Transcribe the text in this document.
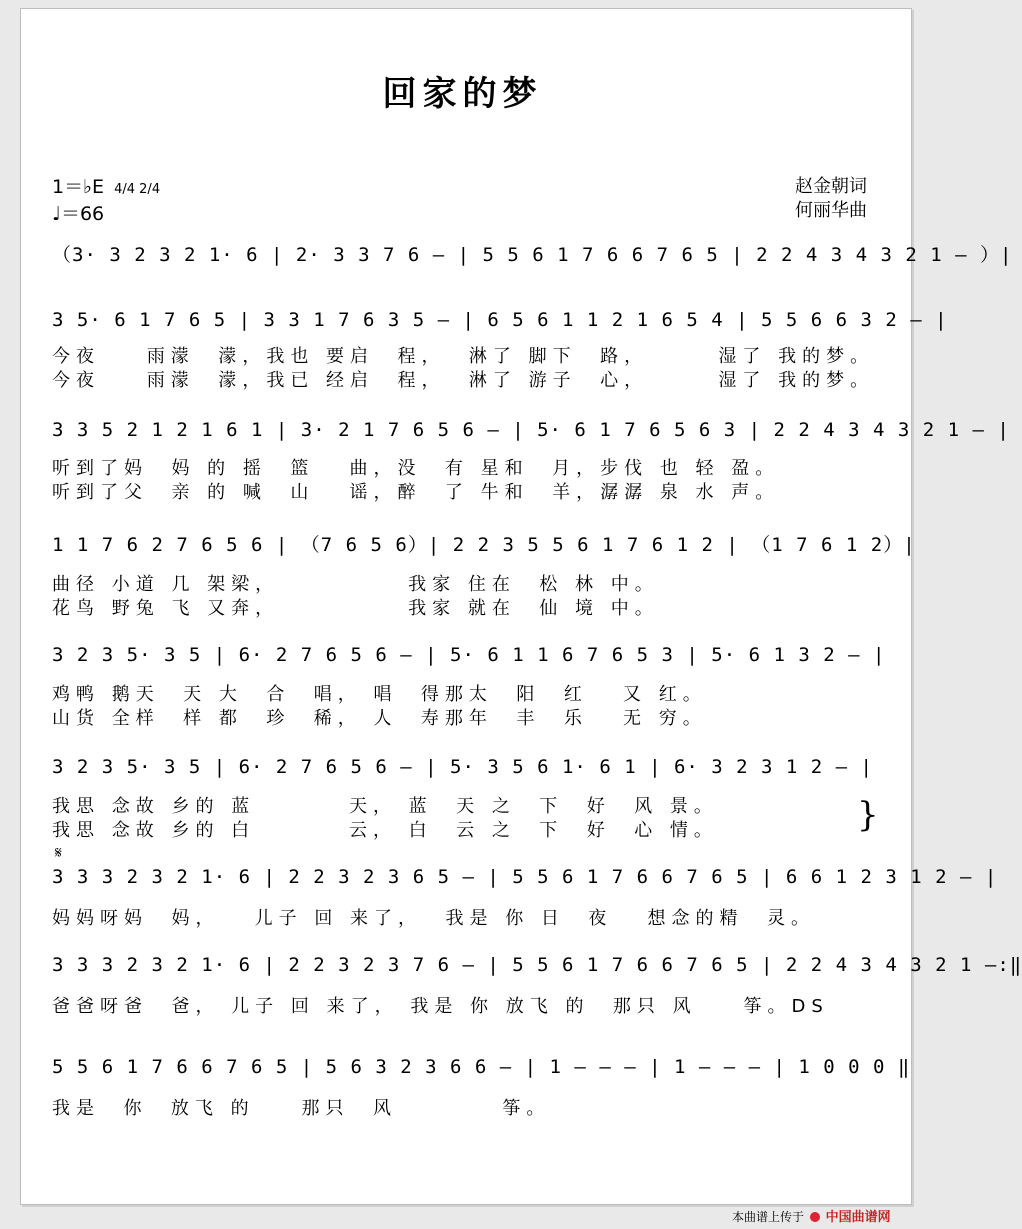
回家的梦
1＝♭E 4/4 2/4
♩＝66
赵金朝词
何丽华曲
（3· 3 2 3 2 1· 6 | 2· 3 3 7 6 — | 5 5 6 1 7 6 6 7 6 5 | 2 2 4 3 4 3 2 1 — ）|
3 5· 6 1 7 6 5 | 3 3 1 7 6 3 5 — | 6 5 6 1 1 2 1 6 5 4 | 5 5 6 6 3 2 — |
今夜    雨濛  濛，我也 要启  程，  淋了 脚下  路，      湿了 我的梦。
今夜    雨濛  濛，我已 经启  程，  淋了 游子  心，      湿了 我的梦。
3 3 5 2 1 2 1 6 1 | 3· 2 1 7 6 5 6 — | 5· 6 1 7 6 5 6 3 | 2 2 4 3 4 3 2 1 — |
听到了妈  妈 的 摇  篮   曲，没  有 星和  月，步伐 也 轻 盈。
听到了父  亲 的 喊  山   谣，醉  了 牛和  羊，潺潺 泉 水 声。
1 1 7 6 2 7 6 5 6 | （7 6 5 6）| 2 2 3 5 5 6 1 7 6 1 2 | （1 7 6 1 2）|
曲径 小道 几 架梁，           我家 住在  松 林 中。
花鸟 野兔 飞 又奔，           我家 就在  仙 境 中。
3 2 3 5· 3 5 | 6· 2 7 6 5 6 — | 5· 6 1 1 6 7 6 5 3 | 5· 6 1 3 2 — |
鸡鸭 鹅天  天 大  合  唱， 唱  得那太  阳  红   又 红。
山货 全样  样 都  珍  稀， 人  寿那年  丰  乐   无 穷。
3 2 3 5· 3 5 | 6· 2 7 6 5 6 — | 5· 3 5 6 1· 6 1 | 6· 3 2 3 1 2 — |
我思 念故 乡的 蓝        天， 蓝  天 之  下  好  风 景。
我思 念故 乡的 白        云， 白  云 之  下  好  心 情。	}
𝄋
3 3 3 2 3 2 1· 6 | 2 2 3 2 3 6 5 — | 5 5 6 1 7 6 6 7 6 5 | 6 6 1 2 3 1 2 — |
妈妈呀妈  妈，   儿子 回 来了，  我是 你 日  夜   想念的精  灵。
3 3 3 2 3 2 1· 6 | 2 2 3 2 3 7 6 — | 5 5 6 1 7 6 6 7 6 5 | 2 2 4 3 4 3 2 1 —:‖
爸爸呀爸  爸， 儿子 回 来了， 我是 你 放飞 的  那只 风    筝。DS
5 5 6 1 7 6 6 7 6 5 | 5 6 3 2 3 6 6 — | 1 — — — | 1 — — — | 1 0 0 0 ‖
我是  你  放飞 的    那只  风         筝。
本曲谱上传于 中国曲谱网
